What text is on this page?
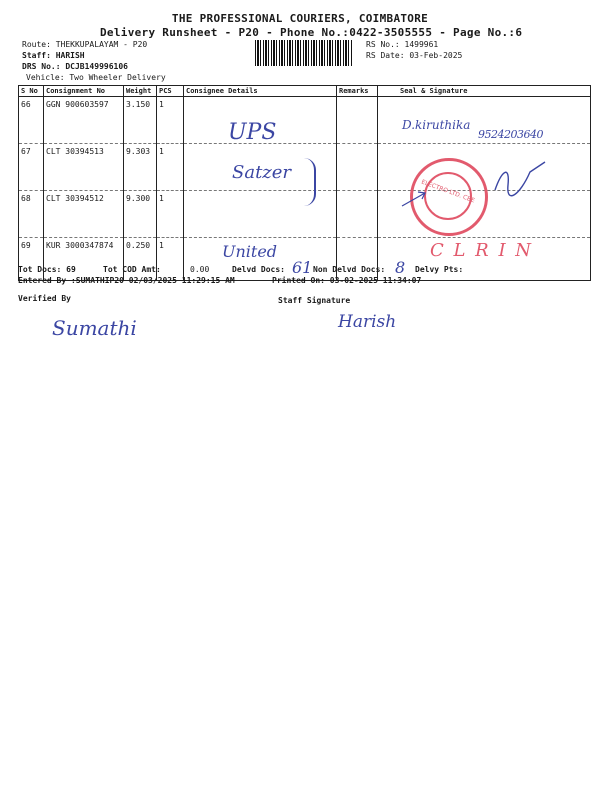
THE PROFESSIONAL COURIERS, COIMBATORE
Delivery Runsheet - P20 - Phone No.:0422-3505555 - Page No.:6
Route: THEKKUPALAYAM - P20
Staff: HARISH
DRS No.: DCJB149996106
Vehicle: Two Wheeler Delivery
RS No.: 1499961
RS Date: 03-Feb-2025
S No	Consignment No	Weight	PCS	Consignee Details	Remarks	Seal & Signature
66	GGN 900603597	3.150	1			
67	CLT 30394513	9.303	1			
68	CLT 30394512	9.300	1			
69	KUR 3000347874	0.250	1			
UPS
Satzer
United
D.kiruthika
9524203640
ELECTRO LTD. CBE
C L R I N
Tot Docs: 69	Tot COD Amt:	0.00	Delvd Docs: 61 Non Delvd Docs: 8 Delvy Pts:
Entered By :SUMATHIP20 02/03/2025 11:29:15 AM	Printed On: 03-02-2025 11:34:07
Verified By	Staff Signature
Sumathi	Harish
